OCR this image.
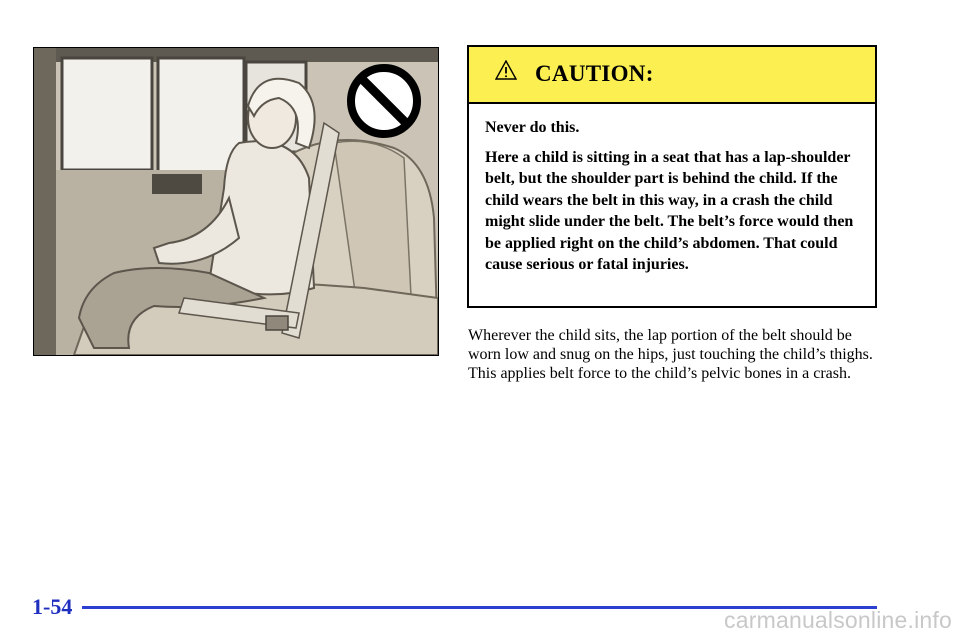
CAUTION:

Never do this.

Here a child is sitting in a seat that has a lap-shoulder belt, but the shoulder part is behind the child. If the child wears the belt in this way, in a crash the child might slide under the belt. The belt’s force would then be applied right on the child’s abdomen. That could cause serious or fatal injuries.

Wherever the child sits, the lap portion of the belt should be worn low and snug on the hips, just touching the child’s thighs. This applies belt force to the child’s pelvic bones in a crash.

1-54
carmanualsonline.info
